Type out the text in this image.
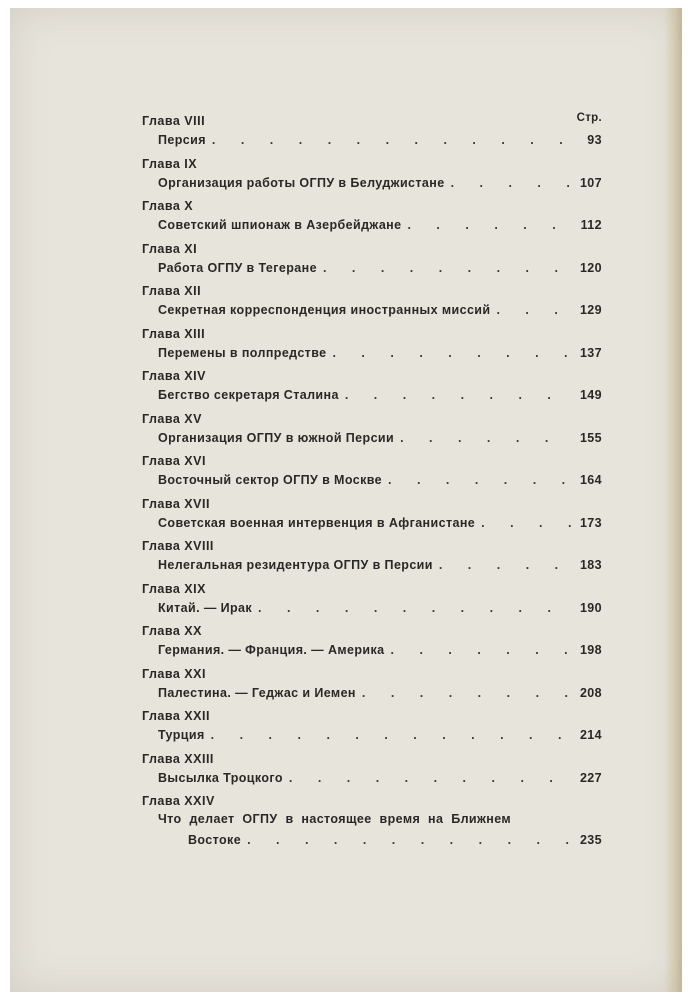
Стр.
Глава VIII
Персия . . .	93
Глава IX
Организация работы ОГПУ в Белуджистане . . .	107
Глава X
Советский шпионаж в Азербейджане . . .	112
Глава XI
Работа ОГПУ в Тегеране . . .	120
Глава XII
Секретная корреспонденция иностранных миссий . . .	129
Глава XIII
Перемены в полпредстве . . .	137
Глава XIV
Бегство секретаря Сталина . . .	149
Глава XV
Организация ОГПУ в южной Персии . . .	155
Глава XVI
Восточный сектор ОГПУ в Москве . . .	164
Глава XVII
Советская военная интервенция в Афганистане . . .	173
Глава XVIII
Нелегальная резидентура ОГПУ в Персии . . .	183
Глава XIX
Китай. — Ирак . . .	190
Глава XX
Германия. — Франция. — Америка . . .	198
Глава XXI
Палестина. — Геджас и Иемен . . .	208
Глава XXII
Турция . . .	214
Глава XXIII
Высылка Троцкого . . .	227
Глава XXIV
Что делает ОГПУ в настоящее время на Ближнем
Востоке . . .	235
